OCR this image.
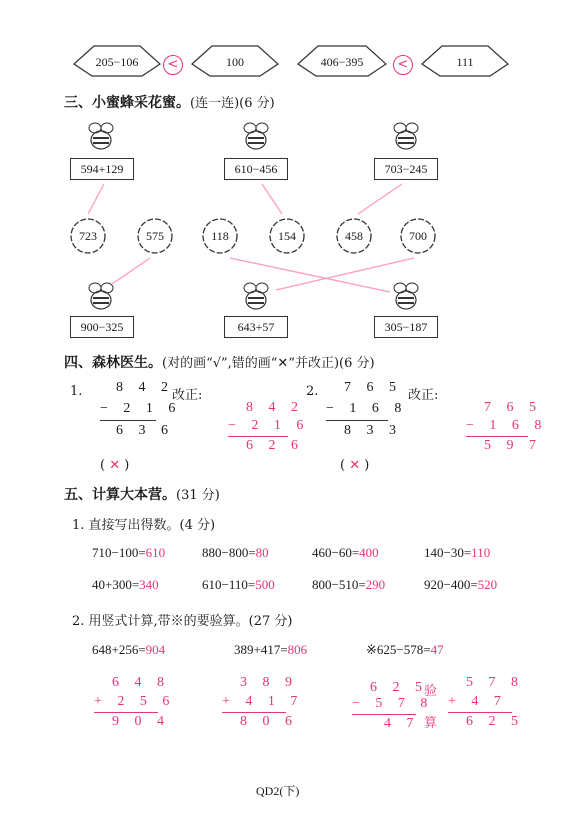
205−106	<	100	406−395	<	111
三、小蜜蜂采花蜜。(连一连)(6 分)
594+129	610−456	703−245
723	575	118	154	458	700
900−325	643+57	305−187
四、森林医生。(对的画“√”,错的画“✕”并改正)(6 分)
1. 8 4 2
− 2 1 6
6 3 6
改正:
8 4 2
− 2 1 6
6 2 6
( ✕ )
2. 7 6 5
− 1 6 8
8 3 3
改正:
7 6 5
− 1 6 8
5 9 7
( ✕ )
五、计算大本营。(31 分)
1. 直接写出得数。(4 分)
710−100=610	880−800=80	460−60=400	140−30=110
40+300=340	610−110=500	800−510=290	920−400=520
2. 用竖式计算,带※的要验算。(27 分)
648+256=904	389+417=806	※625−578=47
6 4 8
+ 2 5 6
9 0 4
3 8 9
+ 4 1 7
8 0 6
6 2 5
− 5 7 8
4 7
验
算
5 7 8
+ 4 7
6 2 5
QD2(下)
